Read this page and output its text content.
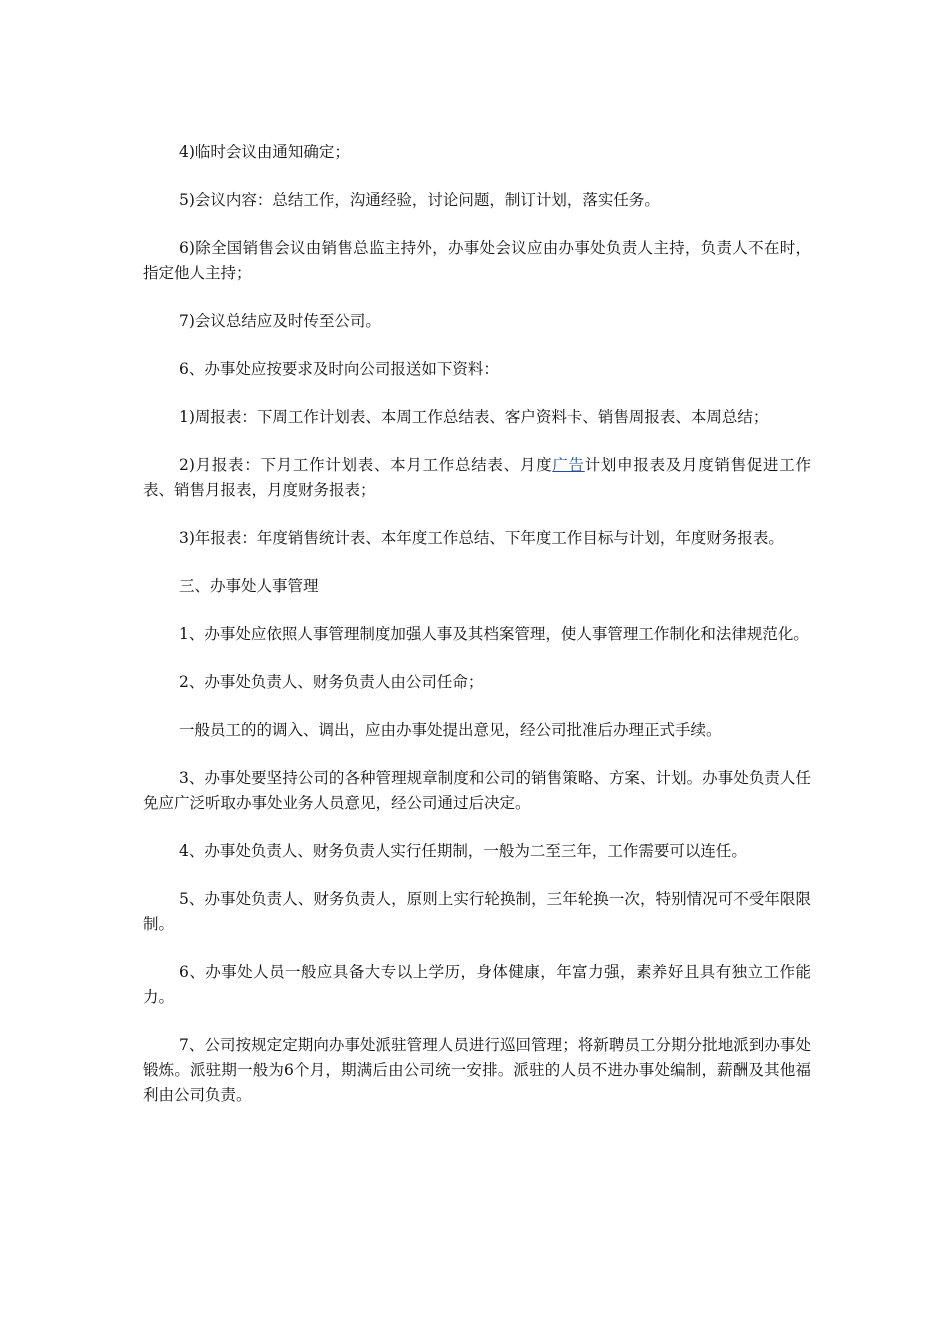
4)临时会议由通知确定；

5)会议内容：总结工作，沟通经验，讨论问题，制订计划，落实任务。

6)除全国销售会议由销售总监主持外，办事处会议应由办事处负责人主持，负责人不在时，指定他人主持；

7)会议总结应及时传至公司。

6、办事处应按要求及时向公司报送如下资料：

1)周报表：下周工作计划表、本周工作总结表、客户资料卡、销售周报表、本周总结；

2)月报表：下月工作计划表、本月工作总结表、月度广告计划申报表及月度销售促进工作表、销售月报表，月度财务报表；

3)年报表：年度销售统计表、本年度工作总结、下年度工作目标与计划，年度财务报表。

三、办事处人事管理

1、办事处应依照人事管理制度加强人事及其档案管理，使人事管理工作制化和法律规范化。

2、办事处负责人、财务负责人由公司任命；

一般员工的的调入、调出，应由办事处提出意见，经公司批准后办理正式手续。

3、办事处要坚持公司的各种管理规章制度和公司的销售策略、方案、计划。办事处负责人任免应广泛听取办事处业务人员意见，经公司通过后决定。

4、办事处负责人、财务负责人实行任期制，一般为二至三年，工作需要可以连任。

5、办事处负责人、财务负责人，原则上实行轮换制，三年轮换一次，特别情况可不受年限限制。

6、办事处人员一般应具备大专以上学历，身体健康，年富力强，素养好且具有独立工作能力。

7、公司按规定定期向办事处派驻管理人员进行巡回管理；将新聘员工分期分批地派到办事处锻炼。派驻期一般为6个月，期满后由公司统一安排。派驻的人员不进办事处编制，薪酬及其他福利由公司负责。
